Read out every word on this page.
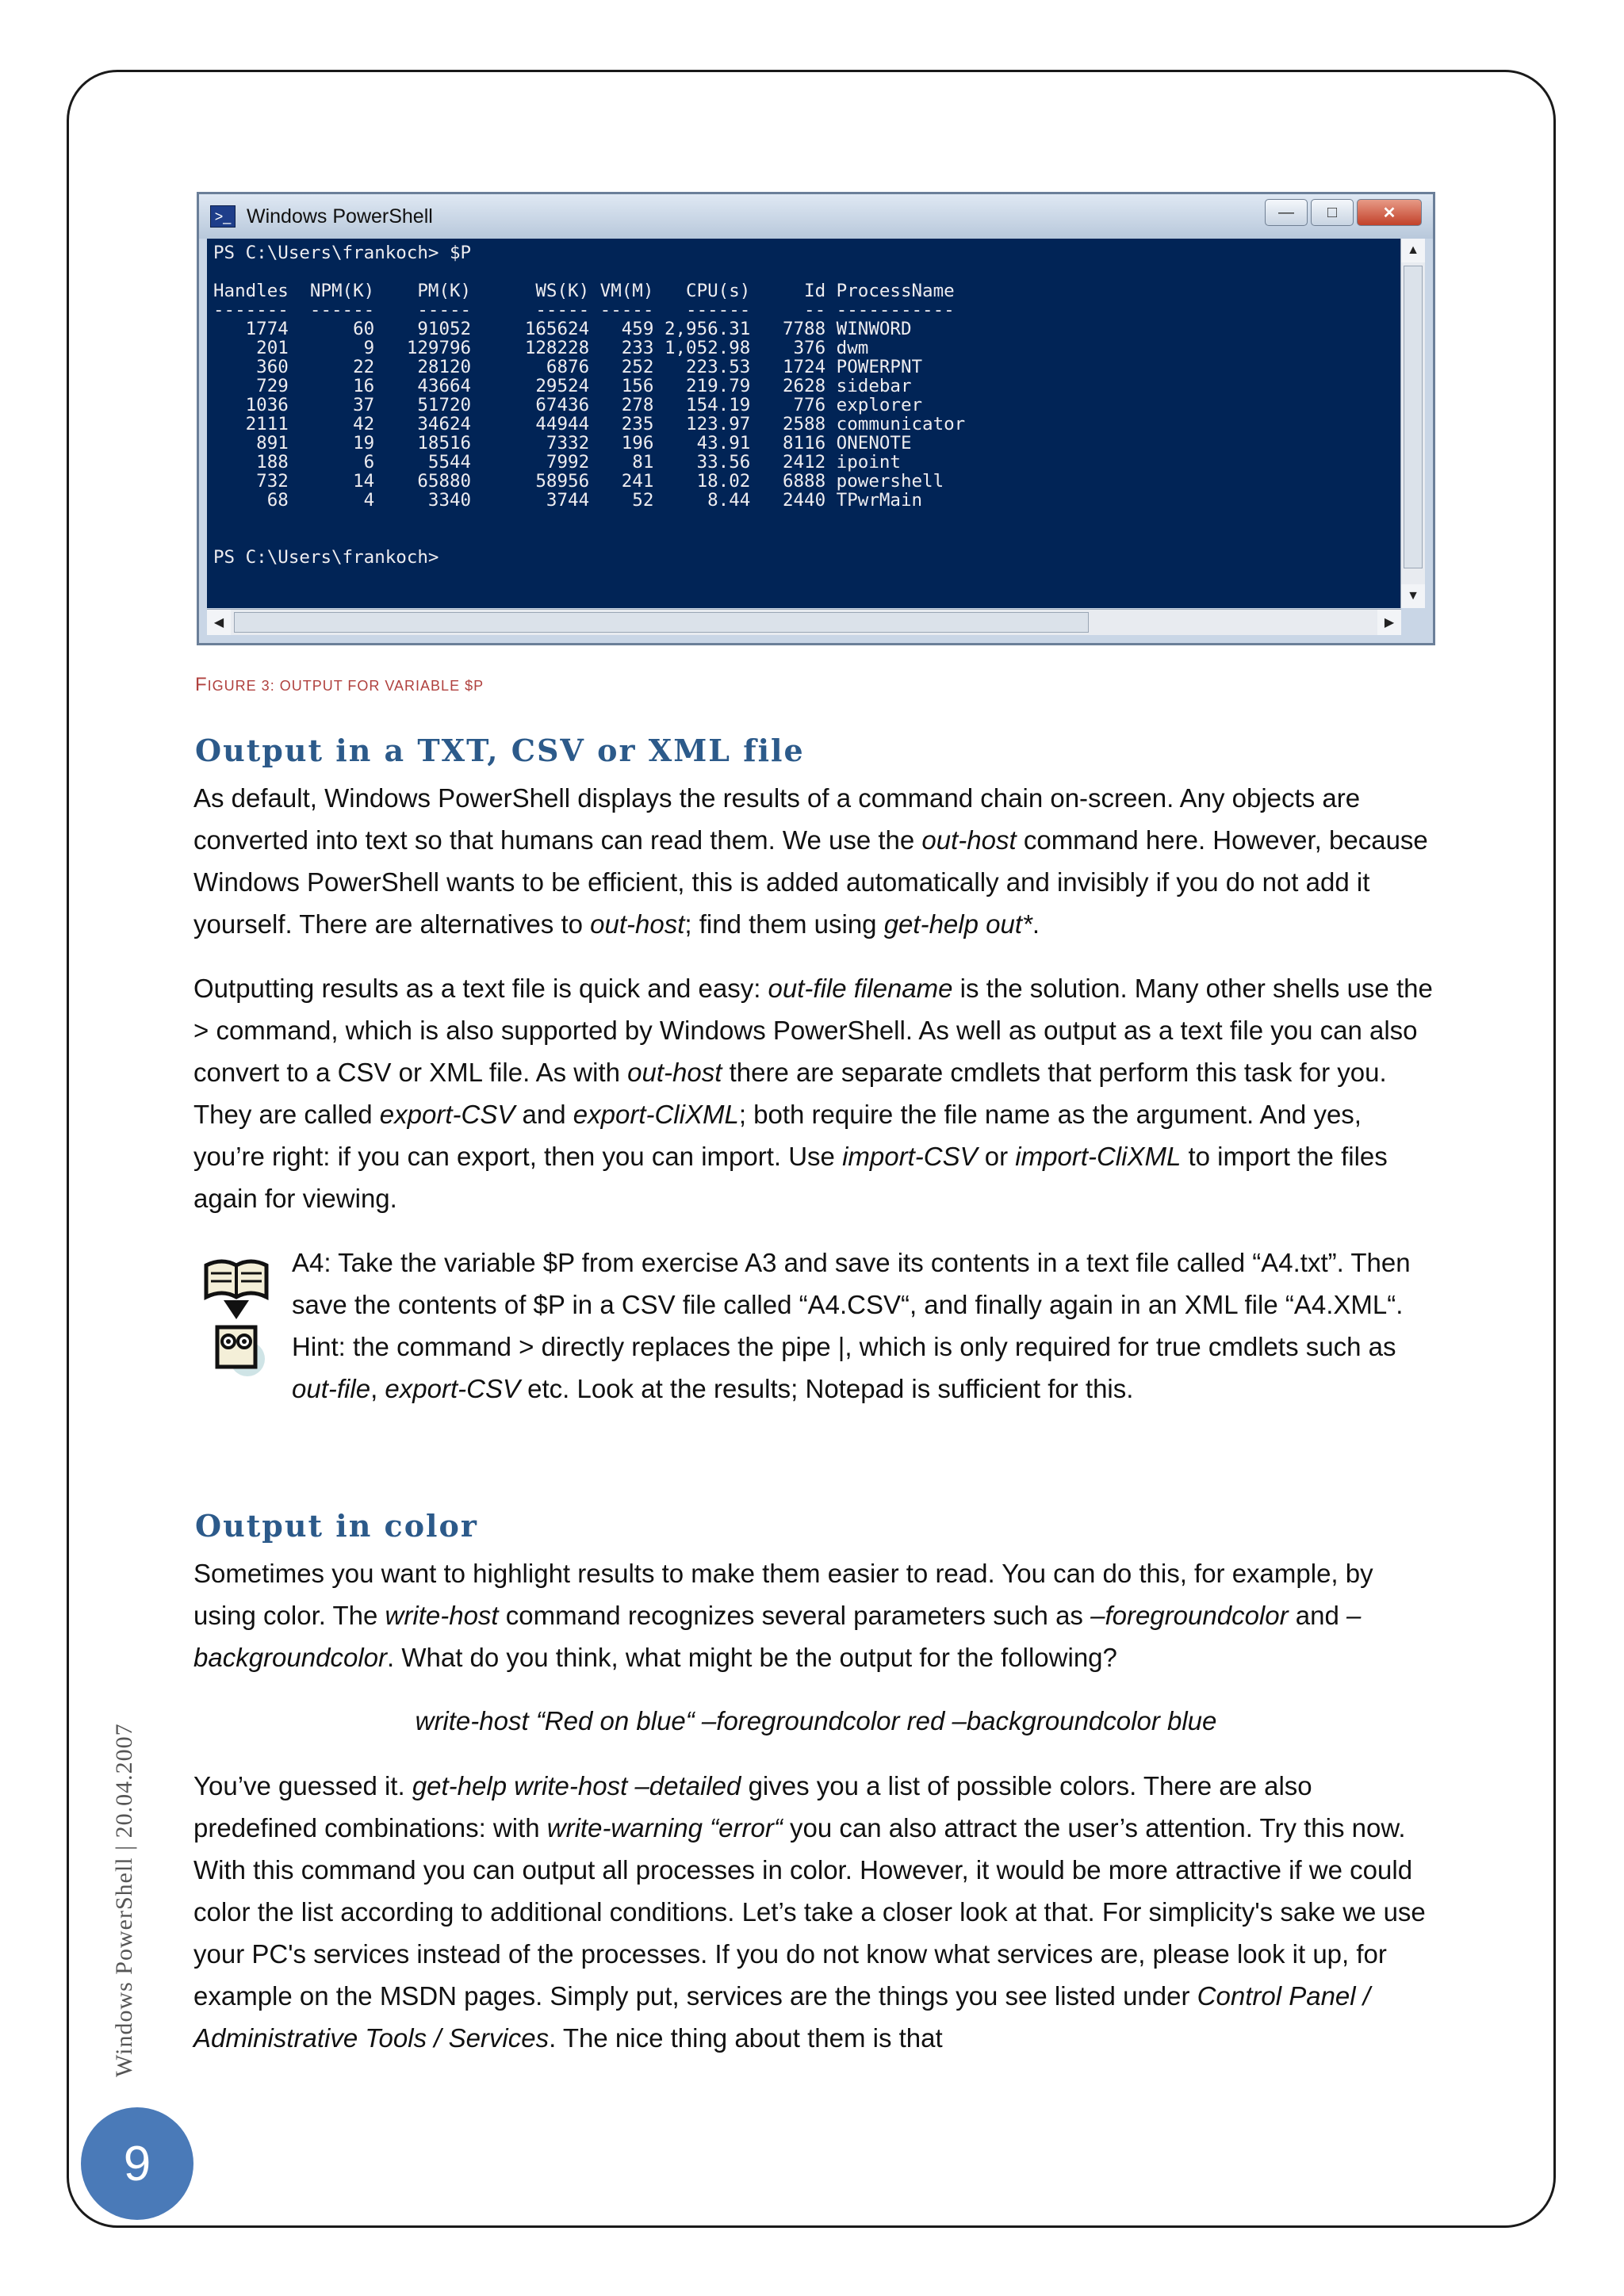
>_ Windows PowerShell	—	□	✕
PS C:\Users\frankoch> $P

Handles  NPM(K)    PM(K)      WS(K) VM(M)   CPU(s)     Id ProcessName
-------  ------    -----      ----- -----   ------     -- -----------
1774      60    91052     165624   459 2,956.31   7788 WINWORD
201       9   129796     128228   233 1,052.98    376 dwm
360      22    28120       6876   252   223.53   1724 POWERPNT
729      16    43664      29524   156   219.79   2628 sidebar
1036      37    51720      67436   278   154.19    776 explorer
2111      42    34624      44944   235   123.97   2588 communicator
891      19    18516       7332   196    43.91   8116 ONENOTE
188       6     5544       7992    81    33.56   2412 ipoint
732      14    65880      58956   241    18.02   6888 powershell
68       4     3340       3744    52     8.44   2440 TPwrMain

PS C:\Users\frankoch>
▲
▼
◀	▶
FIGURE 3: OUTPUT FOR VARIABLE $P
Output in a TXT, CSV or XML file

As default, Windows PowerShell displays the results of a command chain on-screen. Any objects are converted into text so that humans can read them. We use the out-host command here. However, because Windows PowerShell wants to be efficient, this is added automatically and invisibly if you do not add it yourself. There are alternatives to out-host; find them using get-help out*.

Outputting results as a text file is quick and easy: out-file filename is the solution. Many other shells use the > command, which is also supported by Windows PowerShell. As well as output as a text file you can also convert to a CSV or XML file. As with out-host there are separate cmdlets that perform this task for you. They are called export-CSV and export-CliXML; both require the file name as the argument. And yes, you’re right: if you can export, then you can import. Use import-CSV or import-CliXML to import the files again for viewing.

A4: Take the variable $P from exercise A3 and save its contents in a text file called “A4.txt”. Then save the contents of $P in a CSV file called “A4.CSV“, and finally again in an XML file “A4.XML“. Hint: the command > directly replaces the pipe |, which is only required for true cmdlets such as out-file, export-CSV etc. Look at the results; Notepad is sufficient for this.

Output in color

Sometimes you want to highlight results to make them easier to read. You can do this, for example, by using color. The write-host command recognizes several parameters such as –foregroundcolor and –backgroundcolor. What do you think, what might be the output for the following?

write-host “Red on blue“ –foregroundcolor red –backgroundcolor blue

You’ve guessed it. get-help write-host –detailed gives you a list of possible colors. There are also predefined combinations: with write-warning “error“ you can also attract the user’s attention. Try this now. With this command you can output all processes in color. However, it would be more attractive if we could color the list according to additional conditions. Let’s take a closer look at that. For simplicity's sake we use your PC's services instead of the processes. If you do not know what services are, please look it up, for example on the MSDN pages. Simply put, services are the things you see listed under Control Panel / Administrative Tools / Services. The nice thing about them is that

Windows PowerShell | 20.04.2007
9
